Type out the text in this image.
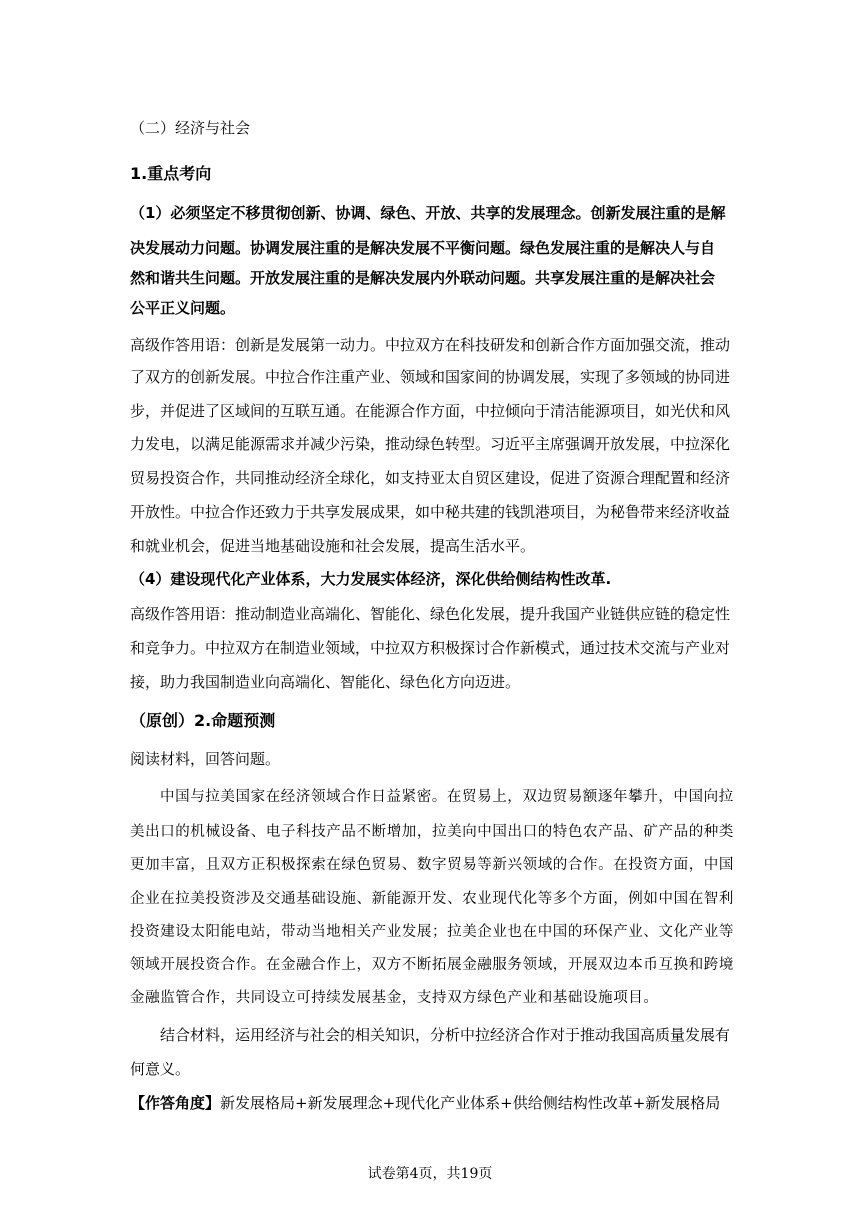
（二）经济与社会
1.重点考向
（1）必须坚定不移贯彻创新、协调、绿色、开放、共享的发展理念。创新发展注重的是解
决发展动力问题。协调发展注重的是解决发展不平衡问题。绿色发展注重的是解决人与自
然和谐共生问题。开放发展注重的是解决发展内外联动问题。共享发展注重的是解决社会
公平正义问题。
高级作答用语：创新是发展第一动力。中拉双方在科技研发和创新合作方面加强交流，推动
了双方的创新发展。中拉合作注重产业、领域和国家间的协调发展，实现了多领域的协同进
步，并促进了区域间的互联互通。在能源合作方面，中拉倾向于清洁能源项目，如光伏和风
力发电，以满足能源需求并减少污染，推动绿色转型。习近平主席强调开放发展，中拉深化
贸易投资合作，共同推动经济全球化，如支持亚太自贸区建设，促进了资源合理配置和经济
开放性。中拉合作还致力于共享发展成果，如中秘共建的钱凯港项目，为秘鲁带来经济收益
和就业机会，促进当地基础设施和社会发展，提高生活水平。
（4）建设现代化产业体系，大力发展实体经济，深化供给侧结构性改革.
高级作答用语：推动制造业高端化、智能化、绿色化发展，提升我国产业链供应链的稳定性
和竞争力。中拉双方在制造业领域，中拉双方积极探讨合作新模式，通过技术交流与产业对
接，助力我国制造业向高端化、智能化、绿色化方向迈进。
（原创）2.命题预测
阅读材料，回答问题。
中国与拉美国家在经济领域合作日益紧密。在贸易上，双边贸易额逐年攀升，中国向拉
美出口的机械设备、电子科技产品不断增加，拉美向中国出口的特色农产品、矿产品的种类
更加丰富，且双方正积极探索在绿色贸易、数字贸易等新兴领域的合作。在投资方面，中国
企业在拉美投资涉及交通基础设施、新能源开发、农业现代化等多个方面，例如中国在智利
投资建设太阳能电站，带动当地相关产业发展；拉美企业也在中国的环保产业、文化产业等
领域开展投资合作。在金融合作上，双方不断拓展金融服务领域，开展双边本币互换和跨境
金融监管合作，共同设立可持续发展基金，支持双方绿色产业和基础设施项目。
结合材料，运用经济与社会的相关知识，分析中拉经济合作对于推动我国高质量发展有
何意义。
【作答角度】新发展格局+新发展理念+现代化产业体系+供给侧结构性改革+新发展格局
试卷第4页，共19页
